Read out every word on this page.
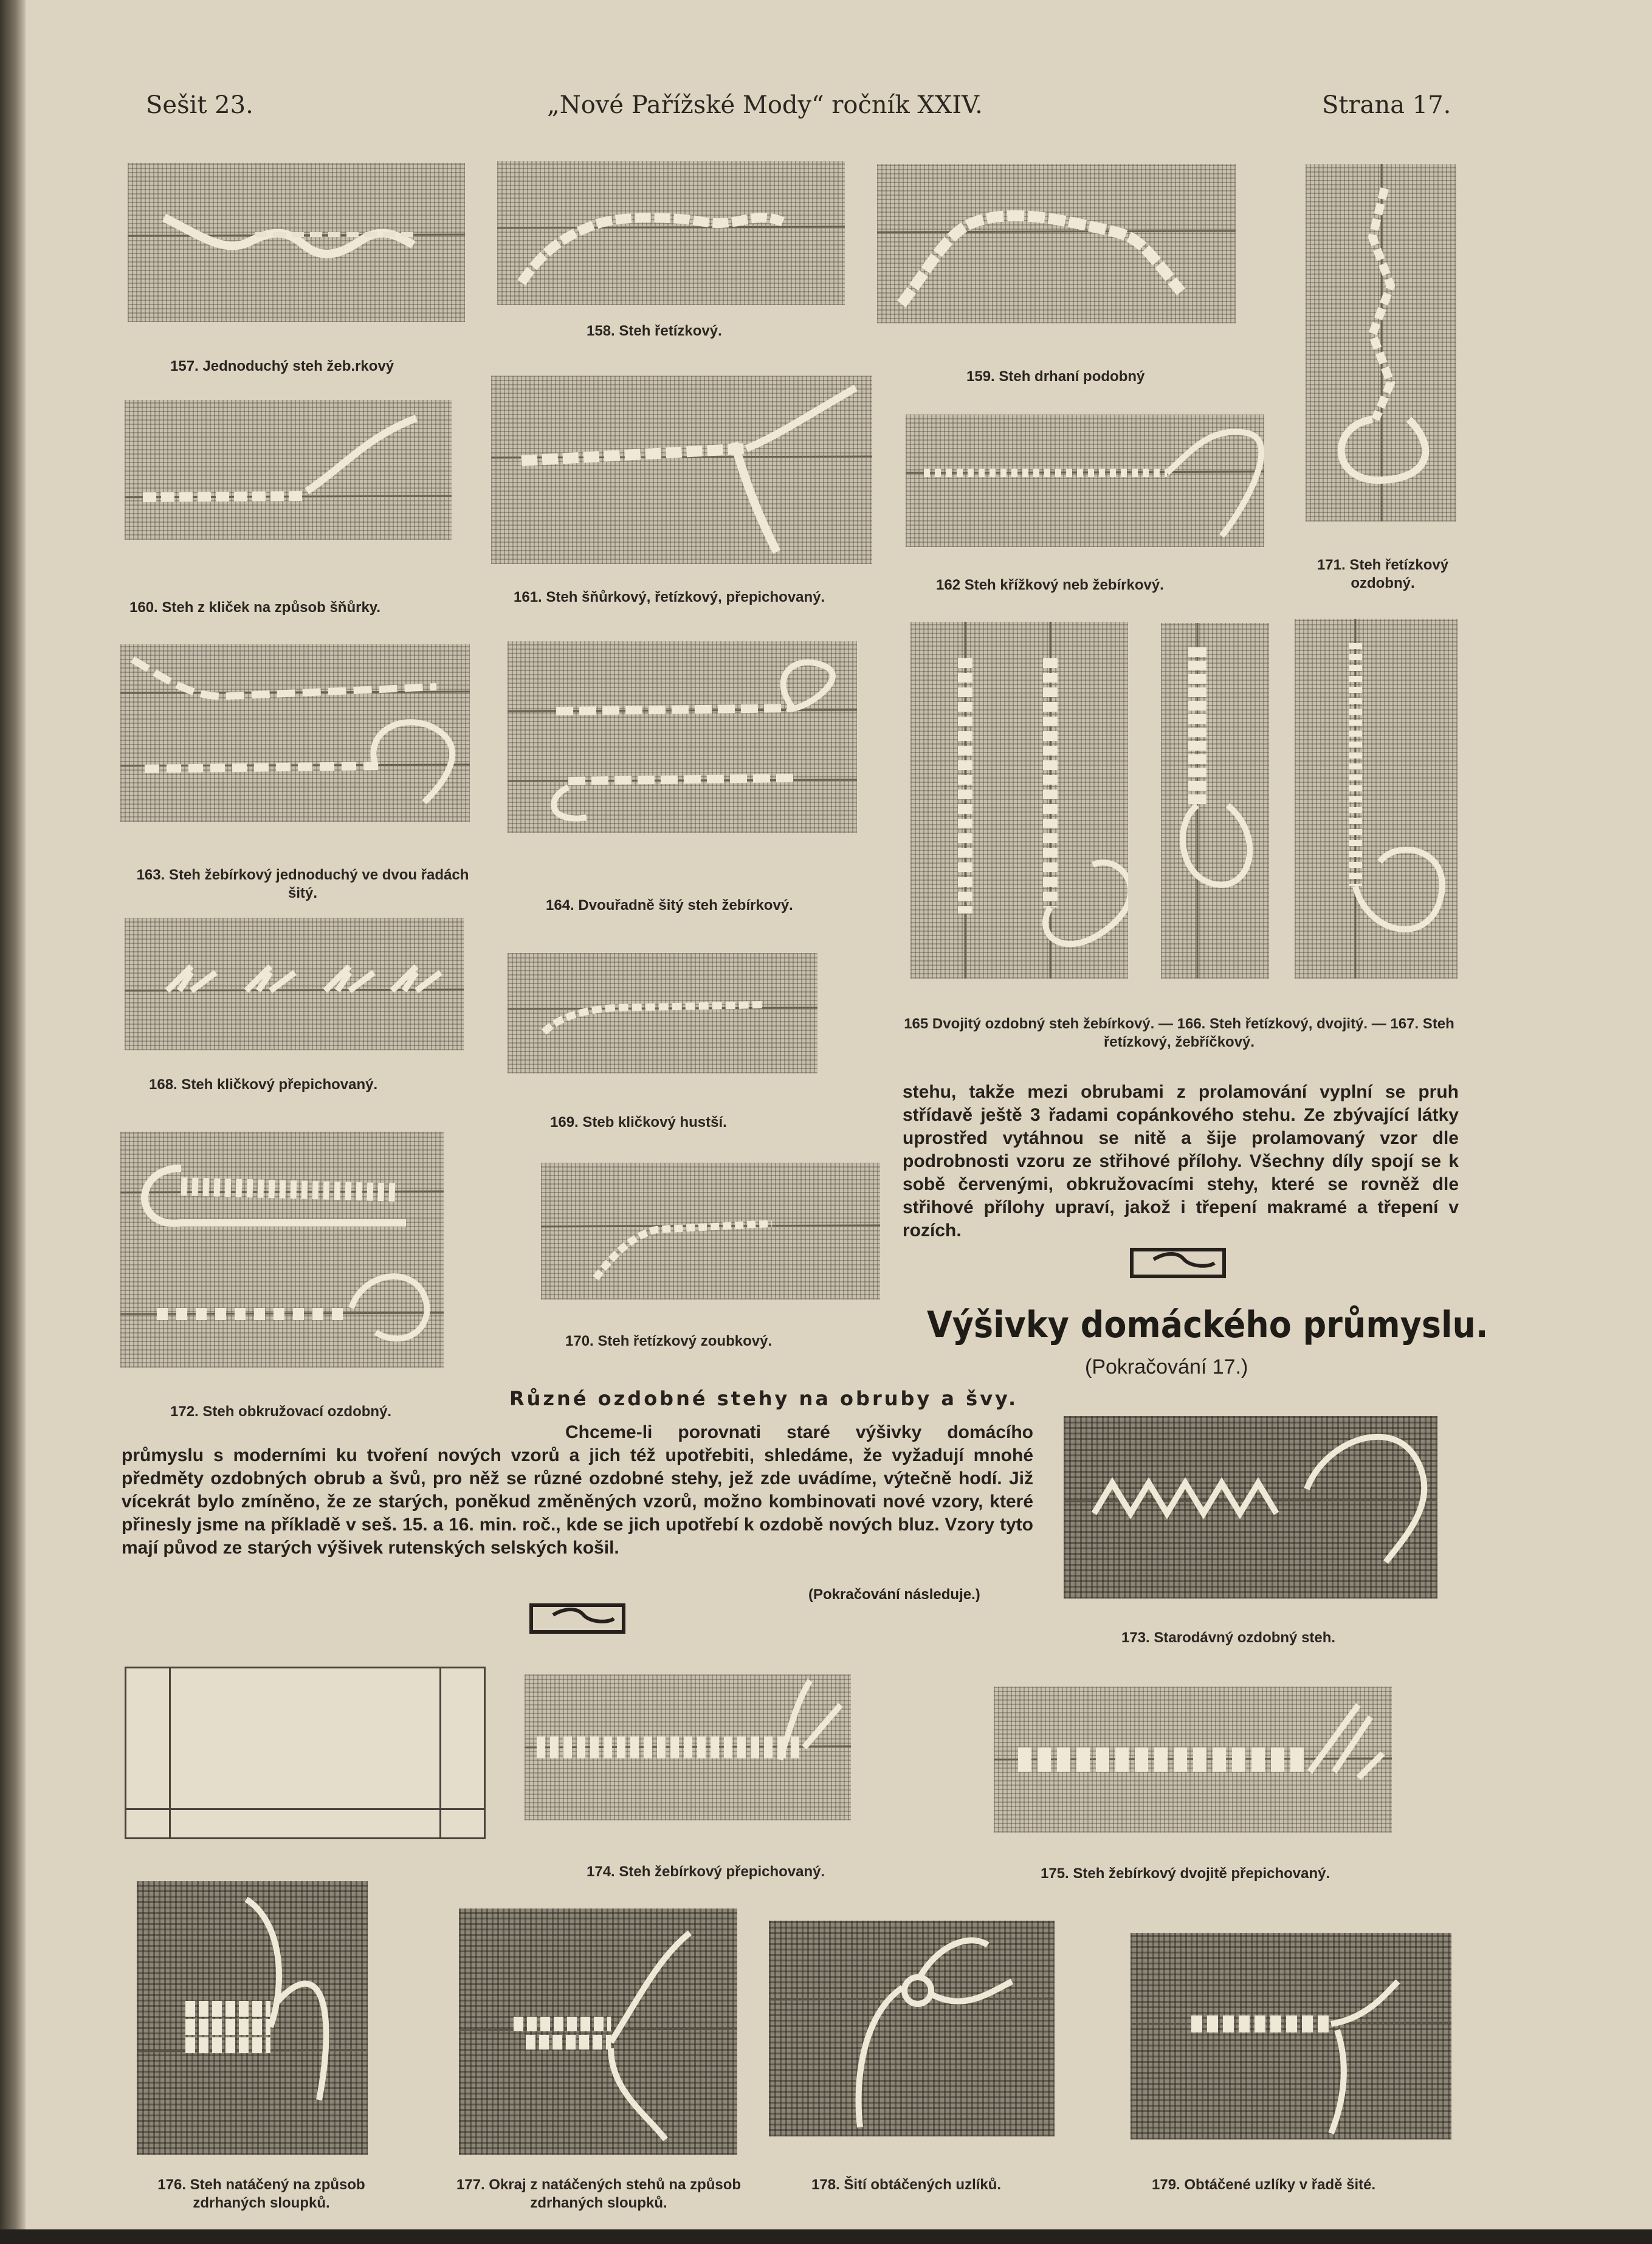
Sešit 23.	„Nové Pařížské Mody“ ročník XXIV.	Strana 17.
157. Jednoduchý steh žeb.rkový
158. Steh řetízkový.
159. Steh drhaní podobný
171. Steh řetízkový ozdobný.
160. Steh z kliček na způsob šňůrky.
161. Steh šňůrkový, řetízkový, přepichovaný.
162 Steh křížkový neb žebírkový.
163. Steh žebírkový jednoduchý ve dvou řadách šitý.
164. Dvouřadně šitý steh žebírkový.
165 Dvojitý ozdobný steh žebírkový. — 166. Steh řetízkový, dvojitý. — 167. Steh řetízkový, žebříčkový.
168. Steh kličkový přepichovaný.
169. Steb kličkový hustší.
172. Steh obkružovací ozdobný.
170. Steh řetízkový zoubkový.

stehu, takže mezi obrubami z prolamování vyplní se pruh střídavě ještě 3 řadami copánkového stehu. Ze zbývající látky uprostřed vytáhnou se nitě a šije prolamovaný vzor dle podrobnosti vzoru ze střihové přílohy. Všechny díly spojí se k sobě červenými, obkružovacími stehy, které se rovněž dle střihové přílohy upraví, jakož i třepení makramé a třepení v rozích.

Výšivky domáckého průmyslu.
(Pokračování 17.)
Různé ozdobné stehy na obruby a švy.

Chceme-li porovnati staré výšivky domácího průmyslu s moderními ku tvoření nových vzorů a jich též upotřebiti, shledáme, že vyžadují mnohé předměty ozdobných obrub a švů, pro něž se různé ozdobné stehy, jež zde uvádíme, výtečně hodí. Již vícekrát bylo zmíněno, že ze starých, poněkud změněných vzorů, možno kombinovati nové vzory, které přinesly jsme na příkladě v seš. 15. a 16. min. roč., kde se jich upotřebí k ozdobě nových bluz. Vzory tyto mají původ ze starých výšivek rutenských selských košil.

(Pokračování následuje.)
173. Starodávný ozdobný steh.
174. Steh žebírkový přepichovaný.	175. Steh žebírkový dvojitě přepichovaný.
176. Steh natáčený na způsob zdrhaných sloupků.
177. Okraj z natáčených stehů na způsob zdrhaných sloupků.
178. Šití obtáčených uzlíků.	179. Obtáčené uzlíky v řadě šité.
